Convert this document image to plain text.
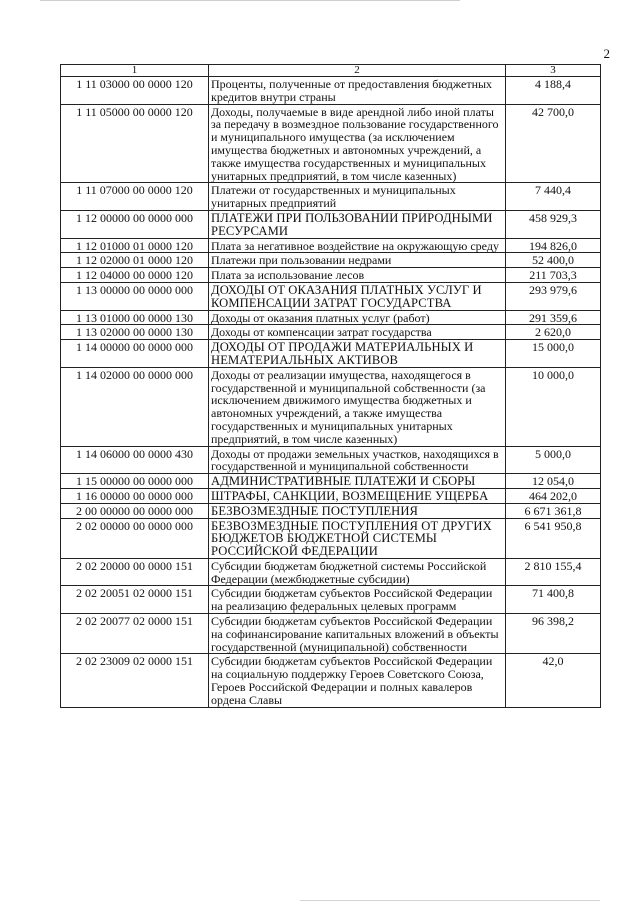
2
1	2	3
1 11 03000 00 0000 120	Проценты, полученные от предоставления бюджетных кредитов внутри страны	4 188,4
1 11 05000 00 0000 120	Доходы, получаемые в виде арендной либо иной платы за передачу в возмездное пользование государственного и муниципального имущества (за исключением имущества бюджетных и автономных учреждений, а также имущества государственных и муниципальных унитарных предприятий, в том числе казенных)	42 700,0
1 11 07000 00 0000 120	Платежи от государственных и муниципальных унитарных предприятий	7 440,4
1 12 00000 00 0000 000	ПЛАТЕЖИ ПРИ ПОЛЬЗОВАНИИ ПРИРОДНЫМИ РЕСУРСАМИ	458 929,3
1 12 01000 01 0000 120	Плата за негативное воздействие на окружающую среду	194 826,0
1 12 02000 01 0000 120	Платежи при пользовании недрами	52 400,0
1 12 04000 00 0000 120	Плата за использование лесов	211 703,3
1 13 00000 00 0000 000	ДОХОДЫ ОТ ОКАЗАНИЯ ПЛАТНЫХ УСЛУГ И КОМПЕНСАЦИИ ЗАТРАТ ГОСУДАРСТВА	293 979,6
1 13 01000 00 0000 130	Доходы от оказания платных услуг (работ)	291 359,6
1 13 02000 00 0000 130	Доходы от компенсации затрат государства	2 620,0
1 14 00000 00 0000 000	ДОХОДЫ ОТ ПРОДАЖИ МАТЕРИАЛЬНЫХ И НЕМАТЕРИАЛЬНЫХ АКТИВОВ	15 000,0
1 14 02000 00 0000 000	Доходы от реализации имущества, находящегося в государственной и муниципальной собственности (за исключением движимого имущества бюджетных и автономных учреждений, а также имущества государственных и муниципальных унитарных предприятий, в том числе казенных)	10 000,0
1 14 06000 00 0000 430	Доходы от продажи земельных участков, находящихся в государственной и муниципальной собственности	5 000,0
1 15 00000 00 0000 000	АДМИНИСТРАТИВНЫЕ ПЛАТЕЖИ И СБОРЫ	12 054,0
1 16 00000 00 0000 000	ШТРАФЫ, САНКЦИИ, ВОЗМЕЩЕНИЕ УЩЕРБА	464 202,0
2 00 00000 00 0000 000	БЕЗВОЗМЕЗДНЫЕ ПОСТУПЛЕНИЯ	6 671 361,8
2 02 00000 00 0000 000	БЕЗВОЗМЕЗДНЫЕ ПОСТУПЛЕНИЯ ОТ ДРУГИХ БЮДЖЕТОВ БЮДЖЕТНОЙ СИСТЕМЫ РОССИЙСКОЙ ФЕДЕРАЦИИ	6 541 950,8
2 02 20000 00 0000 151	Субсидии бюджетам бюджетной системы Российской Федерации (межбюджетные субсидии)	2 810 155,4
2 02 20051 02 0000 151	Субсидии бюджетам субъектов Российской Федерации на реализацию федеральных целевых программ	71 400,8
2 02 20077 02 0000 151	Субсидии бюджетам субъектов Российской Федерации на софинансирование капитальных вложений в объекты государственной (муниципальной) собственности	96 398,2
2 02 23009 02 0000 151	Субсидии бюджетам субъектов Российской Федерации на социальную поддержку Героев Советского Союза, Героев Российской Федерации и полных кавалеров ордена Славы	42,0
